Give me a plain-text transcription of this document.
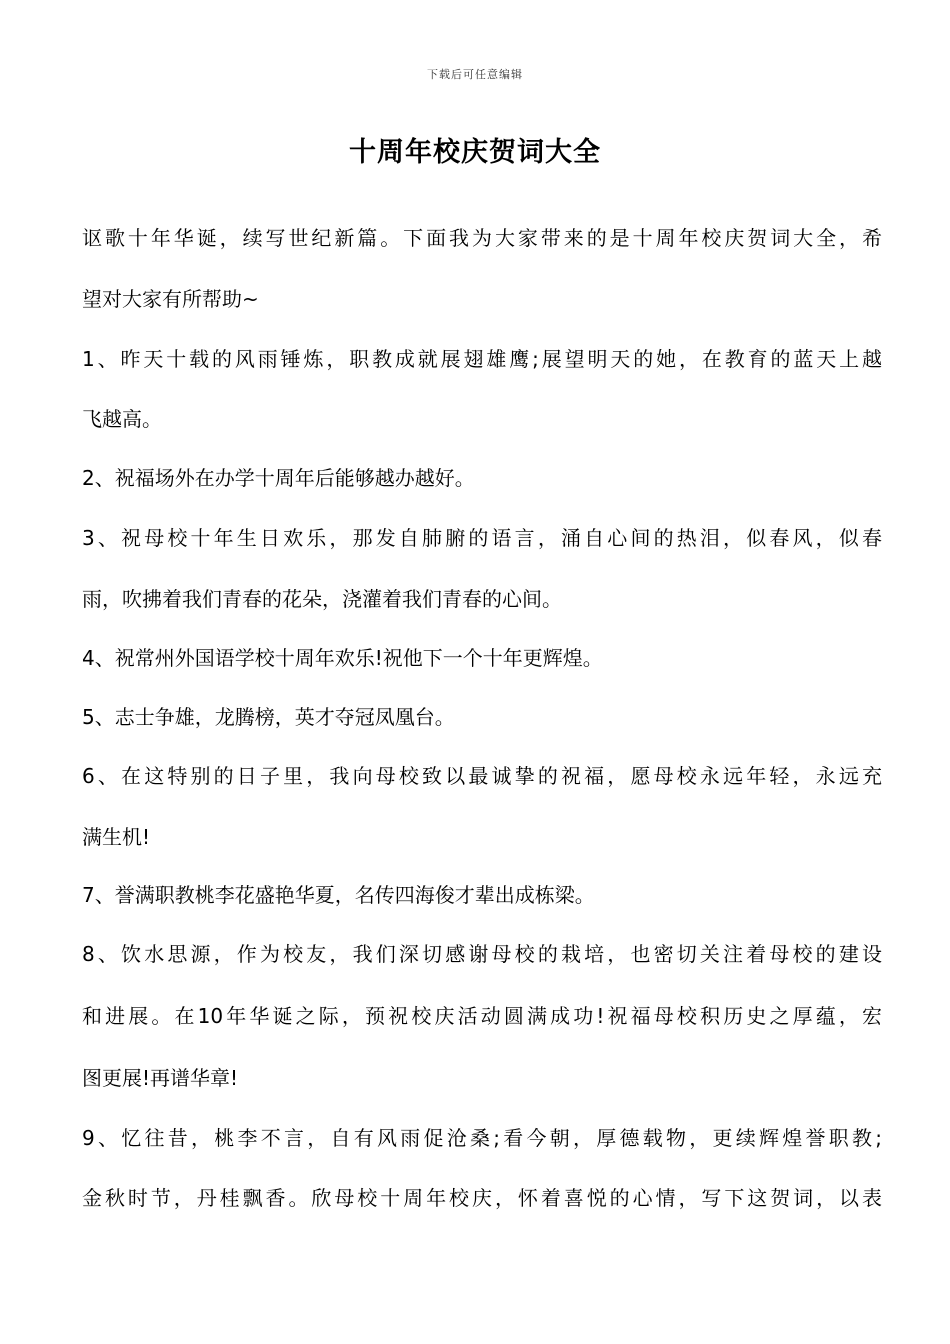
下载后可任意编辑
十周年校庆贺词大全
讴歌十年华诞，续写世纪新篇。下面我为大家带来的是十周年校庆贺词大全，希
望对大家有所帮助~
1、昨天十载的风雨锤炼，职教成就展翅雄鹰;展望明天的她，在教育的蓝天上越
飞越高。
2、祝福场外在办学十周年后能够越办越好。
3、祝母校十年生日欢乐，那发自肺腑的语言，涌自心间的热泪，似春风，似春
雨，吹拂着我们青春的花朵，浇灌着我们青春的心间。
4、祝常州外国语学校十周年欢乐!祝他下一个十年更辉煌。
5、志士争雄，龙腾榜，英才夺冠凤凰台。
6、在这特别的日子里，我向母校致以最诚挚的祝福，愿母校永远年轻，永远充
满生机!
7、誉满职教桃李花盛艳华夏，名传四海俊才辈出成栋梁。
8、饮水思源，作为校友，我们深切感谢母校的栽培，也密切关注着母校的建设
和进展。在10年华诞之际，预祝校庆活动圆满成功!祝福母校积历史之厚蕴，宏
图更展!再谱华章!
9、忆往昔，桃李不言，自有风雨促沧桑;看今朝，厚德载物，更续辉煌誉职教;
金秋时节，丹桂飘香。欣母校十周年校庆，怀着喜悦的心情，写下这贺词，以表
